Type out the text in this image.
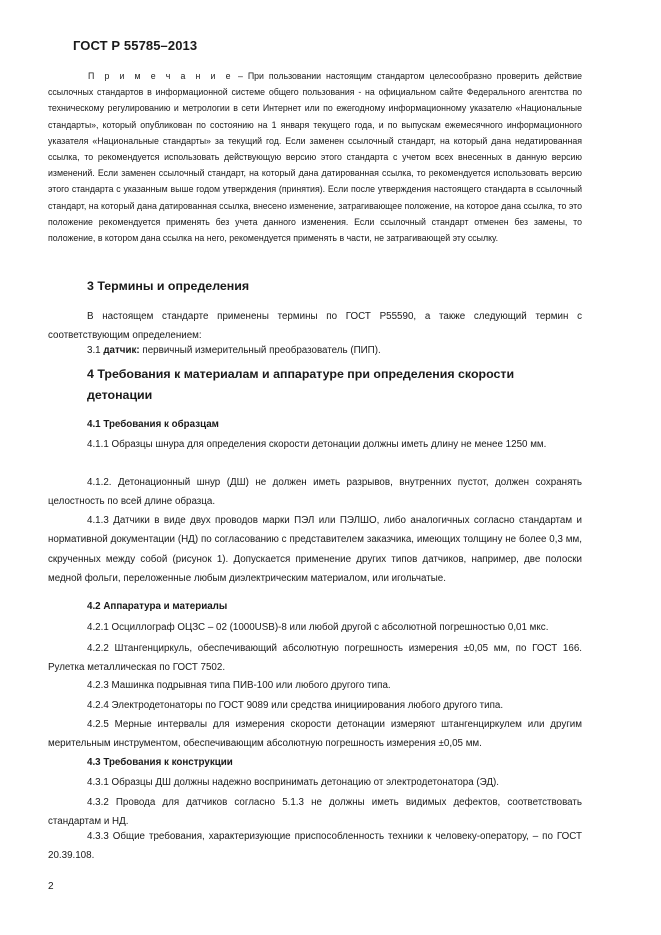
ГОСТ Р 55785–2013

П р и м е ч а н и е – При пользовании настоящим стандартом целесообразно проверить действие ссылочных стандартов в информационной системе общего пользования - на официальном сайте Федерального агентства по техническому регулированию и метрологии в сети Интернет или по ежегодному информационному указателю «Национальные стандарты», который опубликован по состоянию на 1 января текущего года, и по выпускам ежемесячного информационного указателя «Национальные стандарты» за текущий год. Если заменен ссылочный стандарт, на который дана недатированная ссылка, то рекомендуется использовать действующую версию этого стандарта с учетом всех внесенных в данную версию изменений. Если заменен ссылочный стандарт, на который дана датированная ссылка, то рекомендуется использовать версию этого стандарта с указанным выше годом утверждения (принятия). Если после утверждения настоящего стандарта в ссылочный стандарт, на который дана датированная ссылка, внесено изменение, затрагивающее положение, на которое дана ссылка, то это положение рекомендуется применять без учета данного изменения. Если ссылочный стандарт отменен без замены, то положение, в котором дана ссылка на него, рекомендуется применять в части, не затрагивающей эту ссылку.

3 Термины и определения

В настоящем стандарте применены термины по ГОСТ Р55590, а также следующий термин с соответствующим определением:

3.1 датчик: первичный измерительный преобразователь (ПИП).

4 Требования к материалам и аппаратуре при определения скорости детонации
4.1 Требования к образцам

4.1.1 Образцы шнура для определения скорости детонации должны иметь длину не менее 1250 мм.

4.1.2. Детонационный шнур (ДШ) не должен иметь разрывов, внутренних пустот, должен сохранять целостность по всей длине образца.

4.1.3 Датчики в виде двух проводов марки ПЭЛ или ПЭЛШО, либо аналогичных согласно стандартам и нормативной документации (НД) по согласованию с представителем заказчика, имеющих толщину не более 0,3 мм, скрученных между собой (рисунок 1). Допускается применение других типов датчиков, например, две полоски медной фольги, переложенные любым диэлектрическим материалом, или игольчатые.

4.2 Аппаратура и материалы

4.2.1 Осциллограф ОЦЗС – 02 (1000USB)-8 или любой другой с абсолютной погрешностью 0,01 мкс.

4.2.2 Штангенциркуль, обеспечивающий абсолютную погрешность измерения ±0,05 мм, по ГОСТ 166. Рулетка металлическая по ГОСТ 7502.

4.2.3 Машинка подрывная типа ПИВ-100 или любого другого типа.

4.2.4 Электродетонаторы по ГОСТ 9089 или средства инициирования любого другого типа.

4.2.5 Мерные интервалы для измерения скорости детонации измеряют штангенциркулем или другим мерительным инструментом, обеспечивающим абсолютную погрешность измерения ±0,05 мм.

4.3 Требования к конструкции

4.3.1 Образцы ДШ должны надежно воспринимать детонацию от электродетонатора (ЭД).

4.3.2 Провода для датчиков согласно 5.1.3 не должны иметь видимых дефектов, соответствовать стандартам и НД.

4.3.3 Общие требования, характеризующие приспособленность техники к человеку-оператору, – по ГОСТ 20.39.108.

2
